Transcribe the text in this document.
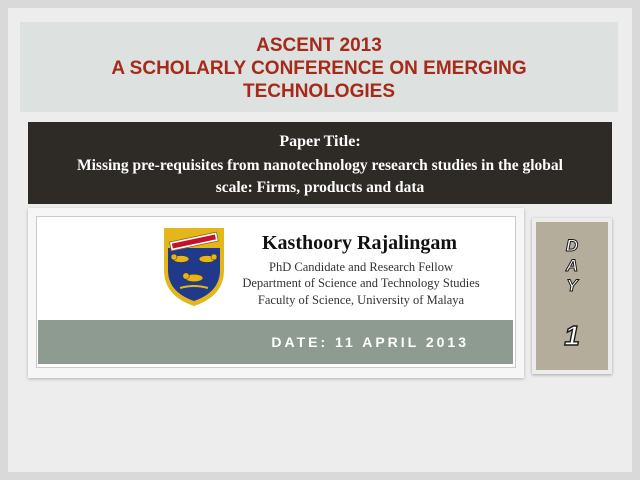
ASCENT 2013
A SCHOLARLY CONFERENCE ON EMERGING
TECHNOLOGIES
Paper Title:
Missing pre-requisites from nanotechnology research studies in the global
scale: Firms, products and data
Kasthoory Rajalingam
PhD Candidate and Research Fellow
Department of Science and Technology Studies
Faculty of Science, University of Malaya
DATE: 11 APRIL 2013
D
A
Y
1
